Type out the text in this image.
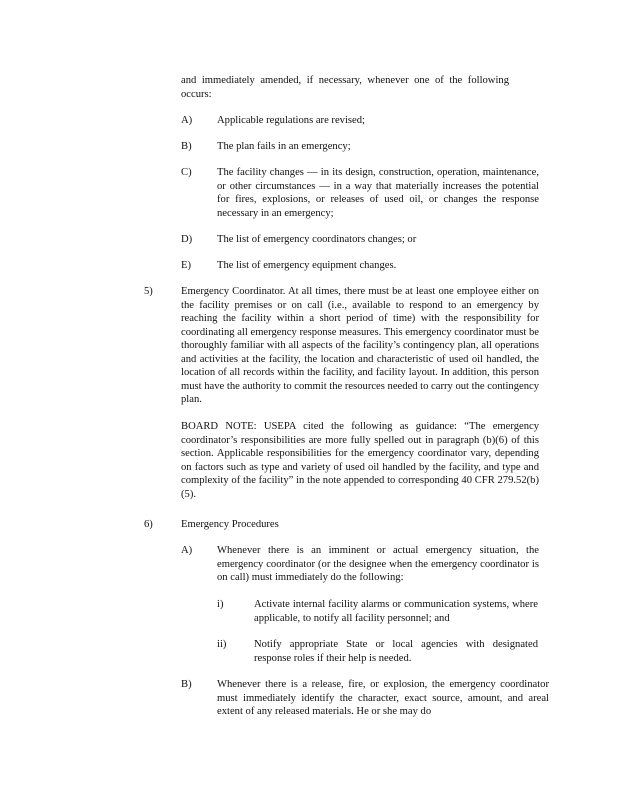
and immediately amended, if necessary, whenever one of the following occurs:

A) Applicable regulations are revised;

B) The plan fails in an emergency;

C) The facility changes — in its design, construction, operation, maintenance, or other circumstances — in a way that materially increases the potential for fires, explosions, or releases of used oil, or changes the response necessary in an emergency;

D) The list of emergency coordinators changes; or

E) The list of emergency equipment changes.

5)	Emergency Coordinator. At all times, there must be at least one employee either on the facility premises or on call (i.e., available to respond to an emergency by reaching the facility within a short period of time) with the responsibility for coordinating all emergency response measures. This emergency coordinator must be thoroughly familiar with all aspects of the facility’s contingency plan, all operations and activities at the facility, the location and characteristic of used oil handled, the location of all records within the facility, and facility layout. In addition, this person must have the authority to commit the resources needed to carry out the contingency plan.

BOARD NOTE: USEPA cited the following as guidance: “The emergency coordinator’s responsibilities are more fully spelled out in paragraph (b)(6) of this section. Applicable responsibilities for the emergency coordinator vary, depending on factors such as type and variety of used oil handled by the facility, and type and complexity of the facility” in the note appended to corresponding 40 CFR 279.52(b)(5).

6)	Emergency Procedures

A) Whenever there is an imminent or actual emergency situation, the emergency coordinator (or the designee when the emergency coordinator is on call) must immediately do the following:

i)	Activate internal facility alarms or communication systems, where applicable, to notify all facility personnel; and

ii)	Notify appropriate State or local agencies with designated response roles if their help is needed.

B) Whenever there is a release, fire, or explosion, the emergency coordinator must immediately identify the character, exact source, amount, and areal extent of any released materials. He or she may do
